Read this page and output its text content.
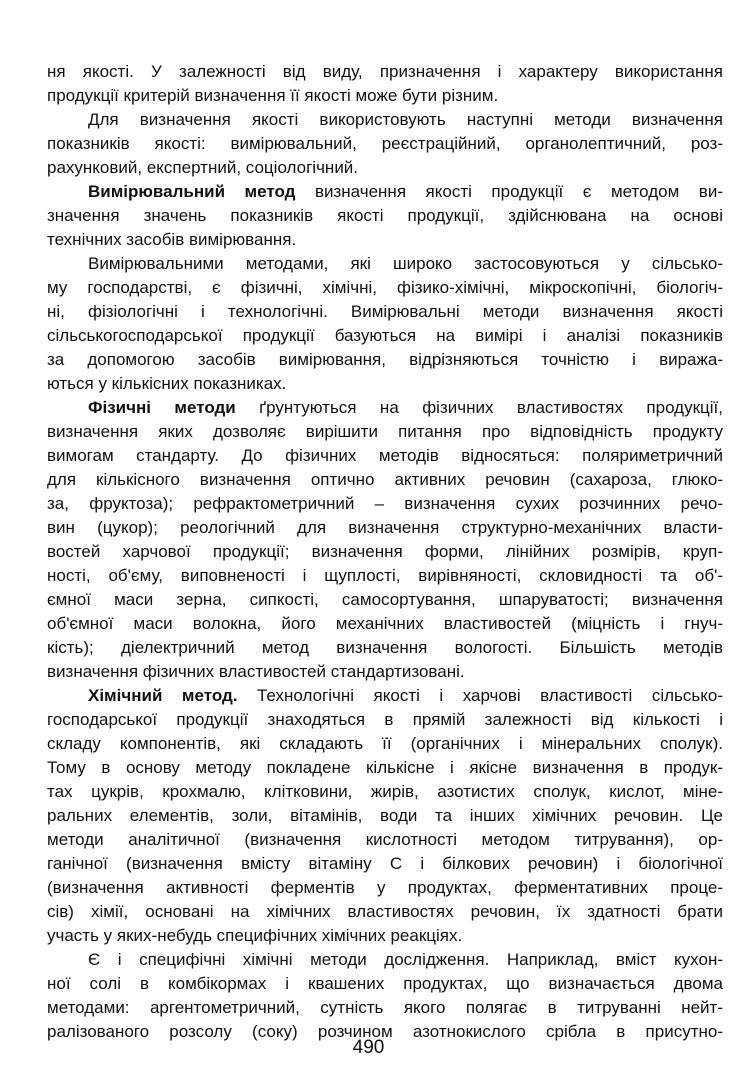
ня якості. У залежності від виду, призначення і характеру використання
продукції критерій визначення її якості може бути різним.
Для визначення якості використовують наступні методи визначення
показників якості: вимірювальний, реєстраційний, органолептичний, роз-
рахунковий, експертний, соціологічний.
Вимірювальний метод визначення якості продукції є методом ви-
значення значень показників якості продукції, здійснювана на основі
технічних засобів вимірювання.
Вимірювальними методами, які широко застосовуються у сільсько-
му господарстві, є фізичні, хімічні, фізико-хімічні, мікроскопічні, біологіч-
ні, фізіологічні і технологічні. Вимірювальні методи визначення якості
сільськогосподарської продукції базуються на вимірі і аналізі показників
за допомогою засобів вимірювання, відрізняються точністю і виража-
ються у кількісних показниках.
Фізичні методи ґрунтуються на фізичних властивостях продукції,
визначення яких дозволяє вирішити питання про відповідність продукту
вимогам стандарту. До фізичних методів відносяться: поляриметричний
для кількісного визначення оптично активних речовин (сахароза, глюко-
за, фруктоза); рефрактометричний – визначення сухих розчинних речо-
вин (цукор); реологічний для визначення структурно-механічних власти-
востей харчової продукції; визначення форми, лінійних розмірів, круп-
ності, об'єму, виповненості і щуплості, вирівняності, скловидності та об'-
ємної маси зерна, сипкості, самосортування, шпаруватості; визначення
об'ємної маси волокна, його механічних властивостей (міцність і гнуч-
кість); діелектричний метод визначення вологості. Більшість методів
визначення фізичних властивостей стандартизовані.
Хімічний метод. Технологічні якості і харчові властивості сільсько-
господарської продукції знаходяться в прямій залежності від кількості і
складу компонентів, які складають її (органічних і мінеральних сполук).
Тому в основу методу покладене кількісне і якісне визначення в продук-
тах цукрів, крохмалю, клітковини, жирів, азотистих сполук, кислот, міне-
ральних елементів, золи, вітамінів, води та інших хімічних речовин. Це
методи аналітичної (визначення кислотності методом титрування), ор-
ганічної (визначення вмісту вітаміну С і білкових речовин) і біологічної
(визначення активності ферментів у продуктах, ферментативних проце-
сів) хімії, основані на хімічних властивостях речовин, їх здатності брати
участь у яких-небудь специфічних хімічних реакціях.
Є і специфічні хімічні методи дослідження. Наприклад, вміст кухон-
ної солі в комбікормах і квашених продуктах, що визначається двома
методами: аргентометричний, сутність якого полягає в титруванні нейт-
ралізованого розсолу (соку) розчином азотнокислого срібла в присутно-
490
